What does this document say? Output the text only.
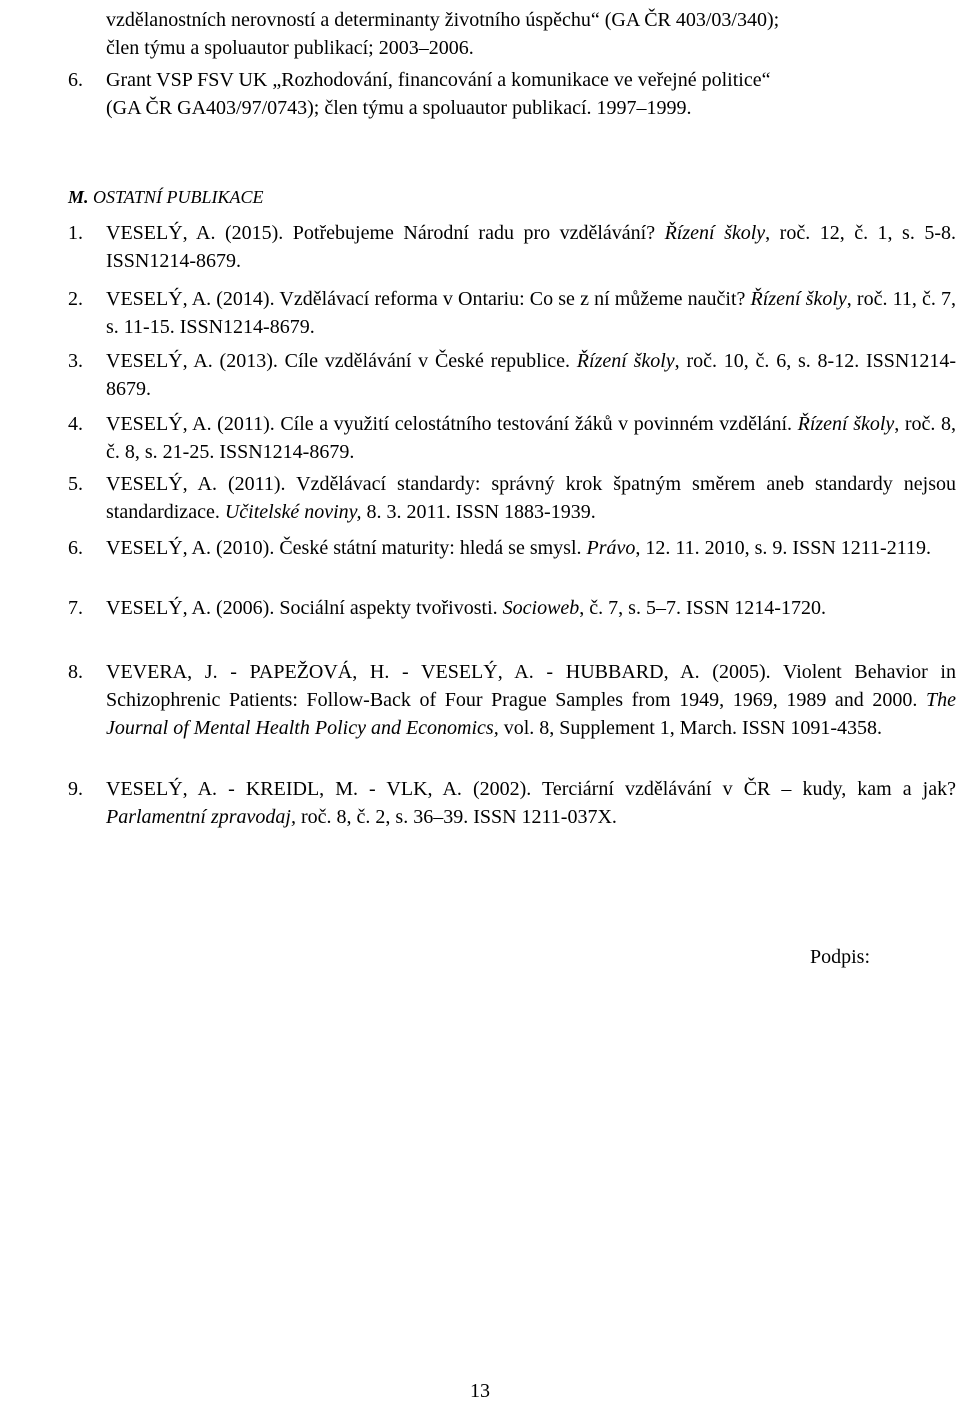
vzdělanostních nerovností a determinanty životního úspěchu“ (GA ČR 403/03/340);
člen týmu a spoluautor publikací; 2003–2006.
6.	Grant VSP FSV UK „Rozhodování, financování a komunikace ve veřejné politice“
(GA ČR GA403/97/0743); člen týmu a spoluautor publikací. 1997–1999.
M. OSTATNÍ PUBLIKACE
1.	VESELÝ, A. (2015). Potřebujeme Národní radu pro vzdělávání? Řízení školy, roč. 12, č. 1, s. 5-8. ISSN1214-8679.
2.	VESELÝ, A. (2014). Vzdělávací reforma v Ontariu: Co se z ní můžeme naučit? Řízení školy, roč. 11, č. 7, s. 11-15. ISSN1214-8679.
3.	VESELÝ, A. (2013). Cíle vzdělávání v České republice. Řízení školy, roč. 10, č. 6, s. 8-12. ISSN1214-8679.
4.	VESELÝ, A. (2011). Cíle a využití celostátního testování žáků v povinném vzdělání. Řízení školy, roč. 8, č. 8, s. 21-25. ISSN1214-8679.
5.	VESELÝ, A. (2011). Vzdělávací standardy: správný krok špatným směrem aneb standardy nejsou standardizace. Učitelské noviny, 8. 3. 2011. ISSN 1883-1939.
6.	VESELÝ, A. (2010). České státní maturity: hledá se smysl. Právo, 12. 11. 2010, s. 9. ISSN 1211-2119.
7.	VESELÝ, A. (2006). Sociální aspekty tvořivosti. Socioweb, č. 7, s. 5–7. ISSN 1214-1720.
8.	VEVERA, J. - PAPEŽOVÁ, H. - VESELÝ, A. - HUBBARD, A. (2005). Violent Behavior in Schizophrenic Patients: Follow-Back of Four Prague Samples from 1949, 1969, 1989 and 2000. The Journal of Mental Health Policy and Economics, vol. 8, Supplement 1, March. ISSN 1091-4358.
9.	VESELÝ, A. - KREIDL, M. - VLK, A. (2002). Terciární vzdělávání v ČR – kudy, kam a jak? Parlamentní zpravodaj, roč. 8, č. 2, s. 36–39. ISSN 1211-037X.
Podpis:
13
